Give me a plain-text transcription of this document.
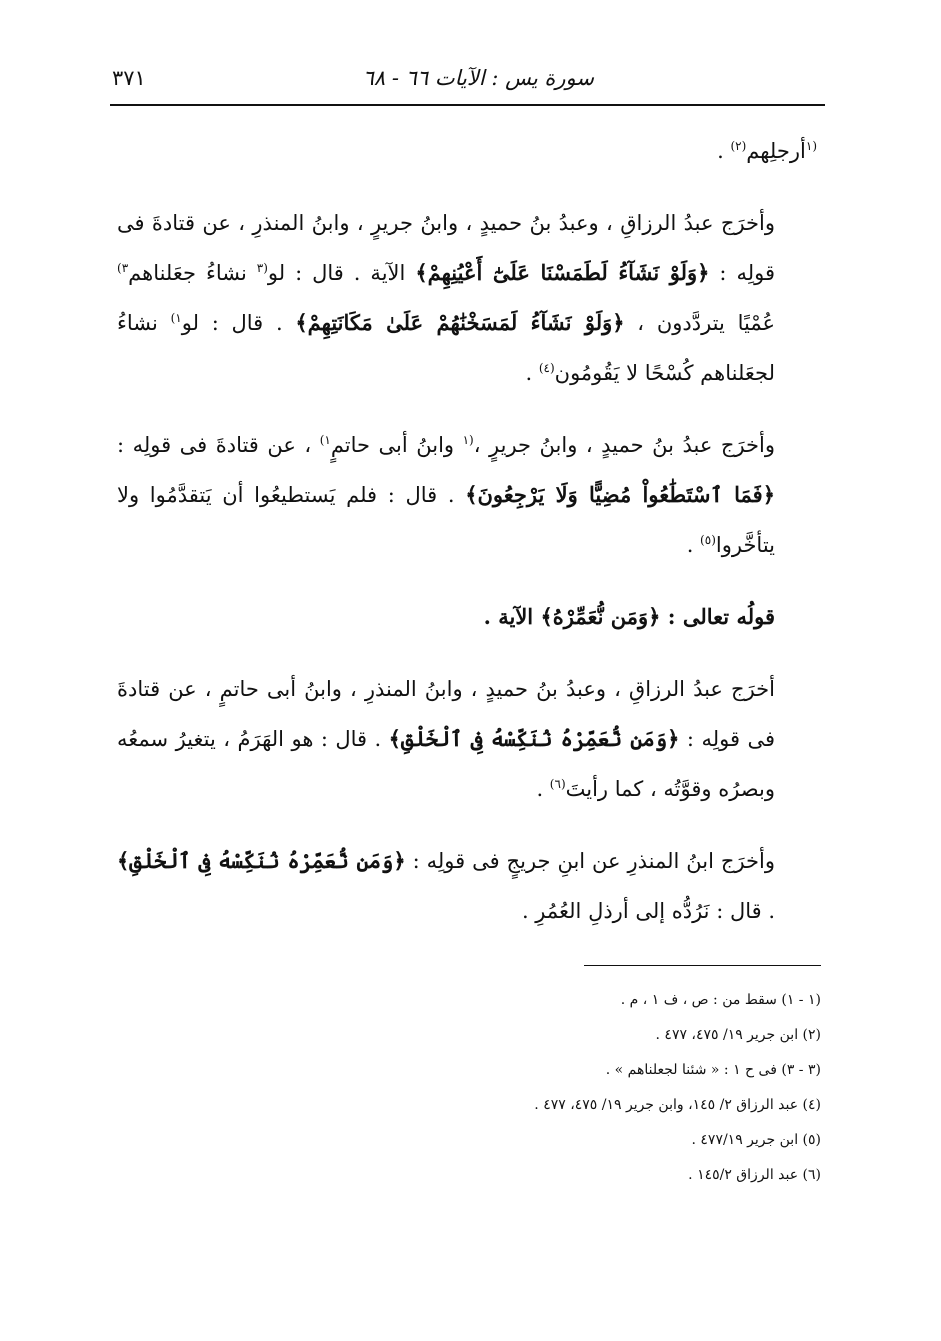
سورة يس : الآيات ٦٦ - ٦٨
٣٧١

$^{(١}$أرجلِهم$^{(٢)}$ .

وأخرَج عبدُ الرزاقِ ، وعبدُ بنُ حميدٍ ، وابنُ جريرٍ ، وابنُ المنذرِ ، عن قتادةَ فى قولِه : ﴿وَلَوْ نَشَآءُ لَطَمَسْنَا عَلَىٰٓ أَعْيُنِهِمْ﴾ الآية . قال : لو$^{(٣}$ نشاءُ جعَلناهم$^{٣)}$ عُمْيًا يتردَّدون ، ﴿وَلَوْ نَشَآءُ لَمَسَخْنَٰهُمْ عَلَىٰ مَكَانَتِهِمْ﴾ . قال : لو$^{١)}$ نشاءُ لجعَلناهم كُسْحًا لا يَقُومُون$^{(٤)}$ .

وأخرَج عبدُ بنُ حميدٍ ، وابنُ جريرٍ ،$^{(١}$ وابنُ أبى حاتمٍ$^{١)}$ ، عن قتادةَ فى قولِه : ﴿فَمَا ٱسْتَطَٰعُواْ مُضِيًّا وَلَا يَرْجِعُونَ﴾ . قال : فلم يَستطيعُوا أن يَتقدَّمُوا ولا يتأخَّروا$^{(٥)}$ .

قولُه تعالى : ﴿وَمَن نُّعَمِّرْهُ﴾ الآية .

أخرَج عبدُ الرزاقِ ، وعبدُ بنُ حميدٍ ، وابنُ المنذرِ ، وابنُ أبى حاتمٍ ، عن قتادةَ فى قولِه : ﴿وَمَن نُّعَمِّرْهُ نُنَكِّسْهُ فِى ٱلْخَلْقِ﴾ . قال : هو الهَرَمُ ، يتغيرُ سمعُه وبصرُه وقوَّتُه ، كما رأيتَ$^{(٦)}$ .

وأخرَج ابنُ المنذرِ عن ابنِ جريجٍ فى قولِه : ﴿وَمَن نُّعَمِّرْهُ نُنَكِّسْهُ فِى ٱلْخَلْقِ﴾ . قال : نَرُدُّه إلى أرذلِ العُمُرِ .

(١ - ١) سقط من : ص ، ف ١ ، م .
(٢) ابن جرير ١٩/ ٤٧٥، ٤٧٧ .
(٣ - ٣) فى ح ١ : « شئنا لجعلناهم » .
(٤) عبد الرزاق ٢/ ١٤٥، وابن جرير ١٩/ ٤٧٥، ٤٧٧ .
(٥) ابن جرير ٤٧٧/١٩ .
(٦) عبد الرزاق ١٤٥/٢ .
